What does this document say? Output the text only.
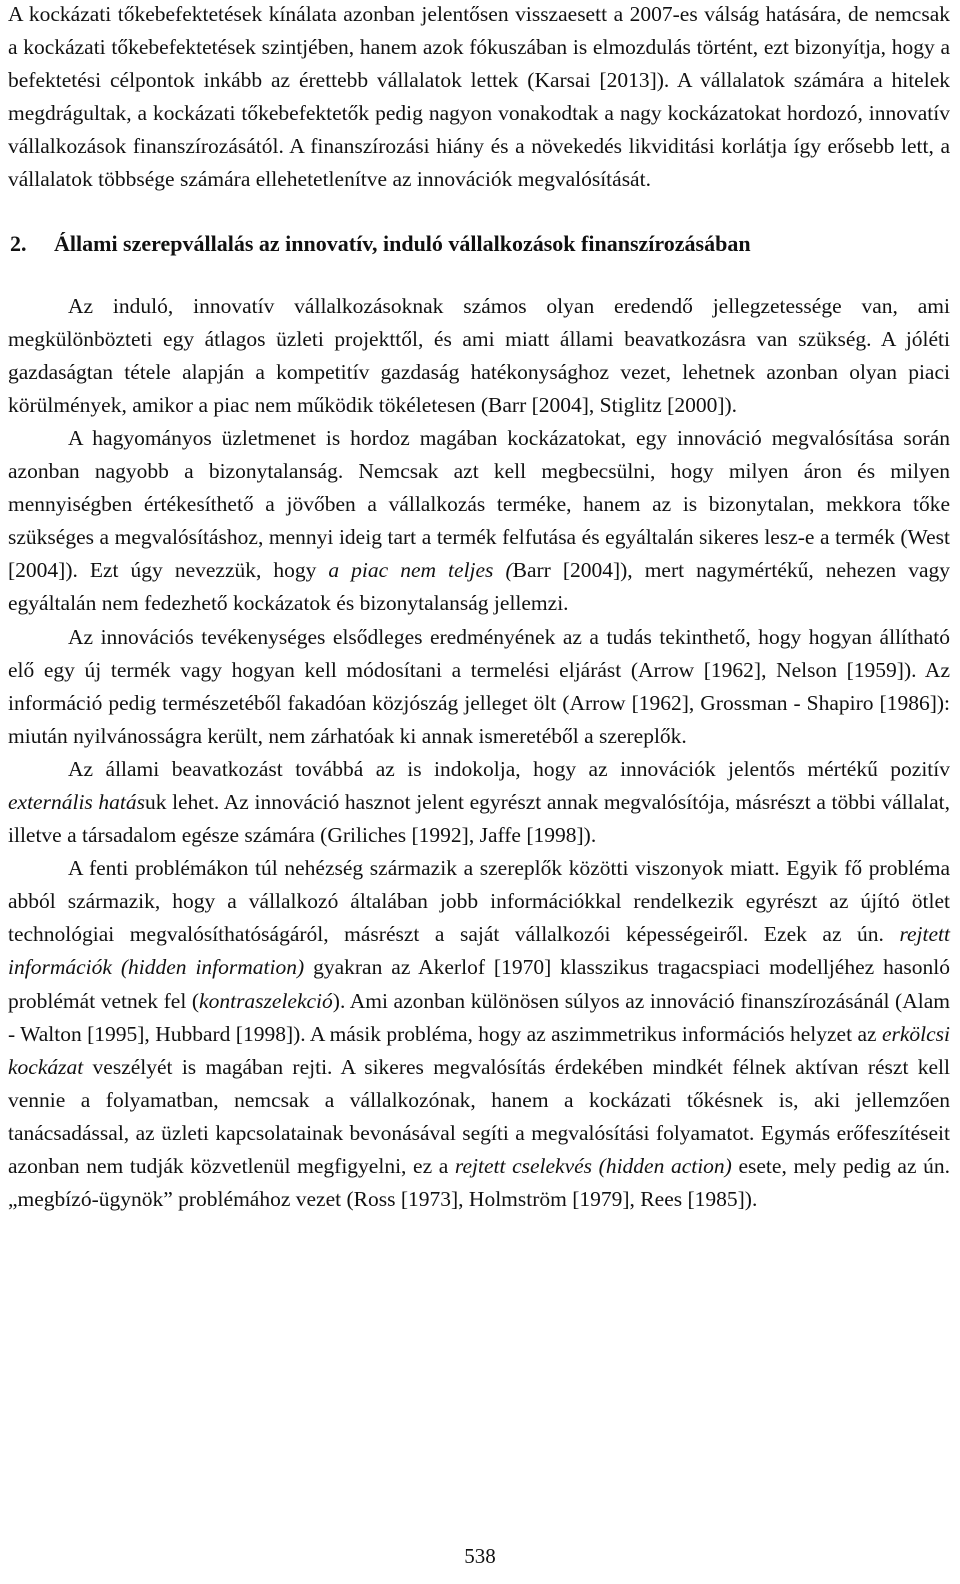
A kockázati tőkebefektetések kínálata azonban jelentősen visszaesett a 2007-es válság hatására, de nemcsak a kockázati tőkebefektetések szintjében, hanem azok fókuszában is elmozdulás történt, ezt bizonyítja, hogy a befektetési célpontok inkább az érettebb vállalatok lettek (Karsai [2013]). A vállalatok számára a hitelek megdrágultak, a kockázati tőkebefektetők pedig nagyon vonakodtak a nagy kockázatokat hordozó, innovatív vállalkozások finanszírozásától. A finanszírozási hiány és a növekedés likviditási korlátja így erősebb lett, a vállalatok többsége számára ellehetetlenítve az innovációk megvalósítását.

2. Állami szerepvállalás az innovatív, induló vállalkozások finanszírozásában

Az induló, innovatív vállalkozásoknak számos olyan eredendő jellegzetessége van, ami megkülönbözteti egy átlagos üzleti projekttől, és ami miatt állami beavatkozásra van szükség. A jóléti gazdaságtan tétele alapján a kompetitív gazdaság hatékonysághoz vezet, lehetnek azonban olyan piaci körülmények, amikor a piac nem működik tökéletesen (Barr [2004], Stiglitz [2000]).

A hagyományos üzletmenet is hordoz magában kockázatokat, egy innováció megvalósítása során azonban nagyobb a bizonytalanság. Nemcsak azt kell megbecsülni, hogy milyen áron és milyen mennyiségben értékesíthető a jövőben a vállalkozás terméke, hanem az is bizonytalan, mekkora tőke szükséges a megvalósításhoz, mennyi ideig tart a termék felfutása és egyáltalán sikeres lesz-e a termék (West [2004]). Ezt úgy nevezzük, hogy a piac nem teljes (Barr [2004]), mert nagymértékű, nehezen vagy egyáltalán nem fedezhető kockázatok és bizonytalanság jellemzi.

Az innovációs tevékenységes elsődleges eredményének az a tudás tekinthető, hogy hogyan állítható elő egy új termék vagy hogyan kell módosítani a termelési eljárást (Arrow [1962], Nelson [1959]). Az információ pedig természetéből fakadóan közjószág jelleget ölt (Arrow [1962], Grossman - Shapiro [1986]): miután nyilvánosságra került, nem zárhatóak ki annak ismeretéből a szereplők.

Az állami beavatkozást továbbá az is indokolja, hogy az innovációk jelentős mértékű pozitív externális hatásuk lehet. Az innováció hasznot jelent egyrészt annak megvalósítója, másrészt a többi vállalat, illetve a társadalom egésze számára (Griliches [1992], Jaffe [1998]).

A fenti problémákon túl nehézség származik a szereplők közötti viszonyok miatt. Egyik fő probléma abból származik, hogy a vállalkozó általában jobb információkkal rendelkezik egyrészt az újító ötlet technológiai megvalósíthatóságáról, másrészt a saját vállalkozói képességeiről. Ezek az ún. rejtett információk (hidden information) gyakran az Akerlof [1970] klasszikus tragacspiaci modelljéhez hasonló problémát vetnek fel (kontraszelekció). Ami azonban különösen súlyos az innováció finanszírozásánál (Alam - Walton [1995], Hubbard [1998]). A másik probléma, hogy az aszimmetrikus információs helyzet az erkölcsi kockázat veszélyét is magában rejti. A sikeres megvalósítás érdekében mindkét félnek aktívan részt kell vennie a folyamatban, nemcsak a vállalkozónak, hanem a kockázati tőkésnek is, aki jellemzően tanácsadással, az üzleti kapcsolatainak bevonásával segíti a megvalósítási folyamatot. Egymás erőfeszítéseit azonban nem tudják közvetlenül megfigyelni, ez a rejtett cselekvés (hidden action) esete, mely pedig az ún. „megbízó-ügynök” problémához vezet (Ross [1973], Holmström [1979], Rees [1985]).

538
